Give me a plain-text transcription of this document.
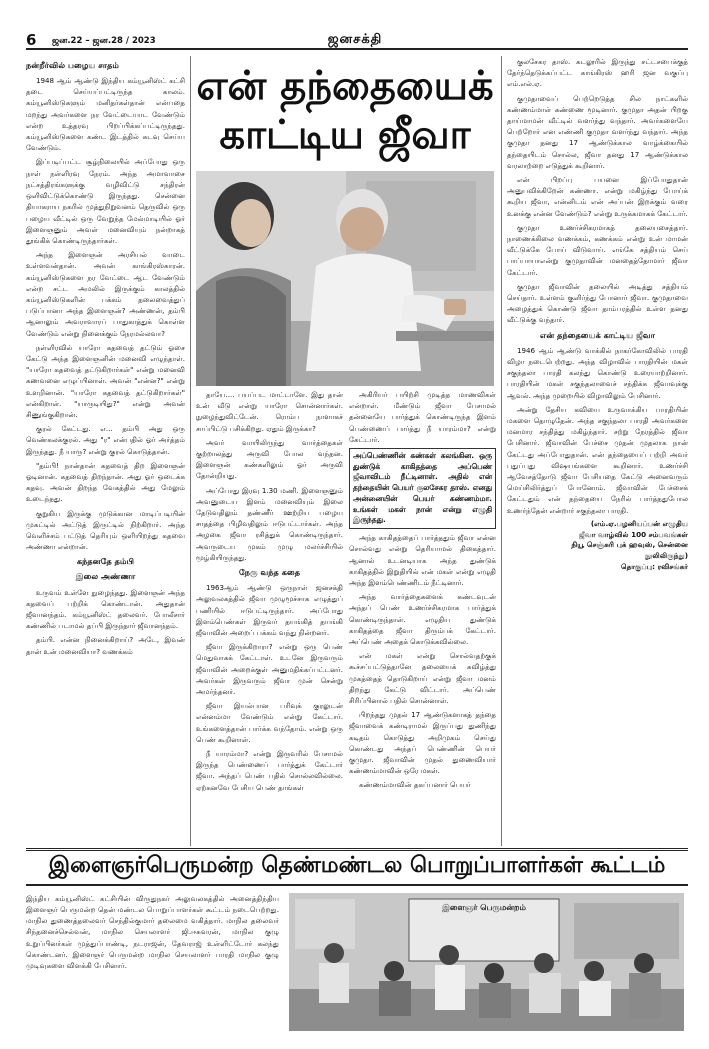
6 ஜன.22 – ஜன.28 / 2023	ஜனசக்தி
என் தந்தையைக்
காட்டிய ஜீவா
நன்றீர்வில் பழைய சாதம்

1948 ஆம் ஆண்டு இந்திய கம்யூனிஸ்ட் கட்சி தடை செய்யப்பட்டிருந்த காலம். கம்யூனிஸ்டுகளும் மனிதர்கள்தான் என்பதை மறந்து அவர்களை நர வேட்டையாட வேண்டும் என்ற உத்தரவு பிறப்பிக்கப்பட்டிருந்தது. கம்யூனிஸ்டுகளை கண்ட இடத்தில் சுடவு செய்ய வேண்டும்.

இப்படிப்பட்ட சூழ்நிலையில் அப்போது ஒரு நாள் நள்ளிரவு நேரம். அந்த அமாவாசை நட்சத்திரங்களுக்கு வழிவிட்டு சந்திரன் ஒளிவிட்டுக்கொண்டு இருந்தது. சென்னை தியாகராய நகரில் முத்துநிறுவனம் தெருவில் ஒரு பழைய வீட்டில் ஒரு வேறுந்த மேல்மாடியில் ஓர் இளைஞனும் அவள் மனைவியும் நன்றாகத் தூங்கிக் கொண்டிருந்தார்கள்.

அந்த இளைஞன் அரசியல் வாடை உள்ளவன்தான். அவன் காங்கிரஸ்காரன். கம்யூனிஸ்டுகளை நர வேட்டை ஆட வேண்டும் என்ற சட்ட அமலில் இருக்கும் காலத்தில் கம்யூனிஸ்டுகளின் பக்கம் தலைவைத்துப் படுப்பானா அந்த இளைஞன்? அண்ணன், தம்பி ஆனாலும் அவராவாரப் பாதுகாத்துக் கொள்ள வேண்டும் என்று நினைக்கும் நேரமல்லவா?

நள்ளிரவில் யாரோ கதவைத் தட்டும் ஓசை கேட்டு அந்த இளைஞனின் மனைவி எழுந்தாள். "யாரோ கதவைத் தட்டுகிறார்கள்" என்று மனைவி கணவனை எழுப்பினாள். அவன் "என்ன?" என்று உளறினான். "யாரோ கதவைத் தட்டுகிறார்கள்" என்கிறாள். "யாருடியிது?" என்று அவன் சிணுங்குகிறான்.

குரல் கேட்டது. எ... தம்பி அது ஒரு வெண்கலக்குரல். அது "ர" என்பதில் ஓர் அர்த்தம் இருந்தது. நீ யாரு? என்று குரல் கொடுத்தான்.

"தம்பி! நான்தான் கதவைத் திற இளைஞன் ஓடினான். கதவைத் திறந்தான். அது ஓர் ஒடைக்க கதவு. அவன் திறந்த வேகத்தில் அது மேலும் உடைந்தது.

குறுகிய இருக்கு முடுக்கான மாடிப்படியின் முகட்டில் அட்டுத் இருட்டில் நிற்கிறார். அந்த வெளிச்சம் பட்டுத் தெரியும் ஒளியிறந்து கதவை அண்ணா என்றான்.

கந்தனதே தம்பி
இலை அண்ணா

உருவம் உள்ளே நுழைந்தது. இளைஞன் அந்த கதவைப் பற்றிக் கொண்டான். அதுதான் ஜீவானந்தம். கம்யூனிஸ்ட் தலைவர். போலீசார் கண்ணில் படாமல் தப்பி இருந்தார் ஜீவானந்தம்.

தம்பி. என்ன நினைக்கிறாய்? அடே, இவன் தான் உன் மனைவியா? வணக்கம்

தாயே.... பயப்பட மாட்டாளே. இது தான் உன் வீடு என்று யாரோ சொன்னார்கள். நுழைந்துவிட்டேன். ரொம்ப நாளாகச் சாப்பிட்டு பசிக்கிறது. ஏதும் இருக்கா?

அவர் வாயிலிருந்து வார்த்தைகள் குற்றாலத்து அருவி போல வந்தன. இளைஞன் கண்களிலும் ஓர் அருவி தோன்றியது.

அப்போது இரவு 1.30 மணி. இளைஞனும் அவனுடைய இளம் மனைவியும் இலை தேடுவதிலும் தண்ணீர் ஊற்றிய பழைய சாதத்தை பிழிவதிலும் ஈடுபட்டார்கள். அந்த அழகை ஜீவா ரசித்துக் கொண்டிருந்தார். அவருடைய முகம் முழு மலர்ச்சியில் மூழ்கியிருந்தது.

நேரு வந்த கதை

1963ஆம் ஆண்டு ஒருநாள் ஜனசக்தி அலுவலகத்தில் ஜீவா முழுமூச்சாக எழுத்துப் பணியில் ஈடுபட்டிருந்தார். அப்போது இளம்பெண்கள் இருவர் தயங்கித் தயங்கி ஜீவாவின் அறைப் பக்கம் வந்து நின்றனர்.

ஜீவா இருக்கிறாரா? என்று ஒரு பெண் மெதுவாகக் கேட்டாள். உடனே இருவரும் ஜீவாவின் அறைக்குள் அனுமதிக்கப்பட்டனர். அவர்கள் இருவரும் ஜீவா முன் சென்று அமர்ந்தனர்.

ஜீவா இயல்பான பரிவுக் குரலுடன் என்னம்மா வேண்டும் என்று கேட்டார். உங்களைத்தான் பார்க்க வந்தோம். என்று ஒரு பெண் கூறினாள்.

நீ யாரம்மா? என்று இருவரில் பேசாமல் இருந்த பெண்ணைப் பார்த்துக் கேட்டார் ஜீவா. அந்தப் பெண் பதில் சொல்லவில்லை. ஏற்கனவே பேசிய பெண் தாங்கள்

அகிரியர் பயிற்சி முடித்த மாணவிகள் என்றாள். மீண்டும் ஜீவா பேசாமல் தன்னையே பார்த்துக் கொண்டிருந்த இளம் பெண்ணைப் பார்த்து நீ யாரம்மா? என்று கேட்டார்.

அப்பெண்ணின் கண்கள் கலங்கின. ஒரு துண்டுக் காகிதத்தை அப்பெண் ஜீவாவிடம் நீட்டினாள். அதில் என் தந்தையின் பெயர் குலசேகர தாஸ். எனது அன்னையின் பெயர் கண்ணம்மா. உங்கள் மகள் நான் என்று எழுதி இருந்தது.

அந்த காகிதத்தைப் பார்த்ததும் ஜீவா என்ன சொல்வது என்று தெரியாமல் திகைத்தார். ஆனால் உடனடியாக அந்த துண்டுக் காகிதத்தில் இறுதியில் என் மகள் என்று எழுதி அந்த இளம்பெண்ணிடம் நீட்டினார்.

அந்த வார்த்தைகளைக் கண்டவுடன் அந்தப் பெண் உணர்ச்சிகரமாக பார்த்துக் கொண்டிருந்தாள். எழுதிய துண்டுக் காகிதத்தை ஜீவா திரும்பக் கேட்டார். அப்பெண் அதைக் கொடுக்கவில்லை.

என் மகள் என்று சொல்வதற்குக் கூச்சப்பட்டுத்தானே தலையைக் கவிழ்த்து முகத்தைத் தொடுகிறாய் என்று ஜீவா மனம் திறந்து கேட்டு விட்டார். அப்பெண் சிரிப்பினால் பதில் சொன்னாள்.

பிறந்தது முதல் 17 ஆண்டுகளாகத் தந்தை ஜீவாவைக் கண்டிராமல் இருப்பது துணிந்து கடிதம் கொடுத்து அறிமுகம் செய்து கொண்டது அந்தப் பெண்ணின் பெயர் குமுதா. ஜீவாவின் முதல் துணைவியார் கண்ணம்மாவின் ஒரே மகள்.

கண்ணம்மாவின் தகப்பனார் பெயர்

குலசேகர தாஸ். கடலூரில் இருந்து சட்டசபைக்குத் தேர்ந்தெடுக்கப்பட்ட காங்கிரஸ் ஹரி ஜன வகுப்பு எம்.எல்.ஏ.

குமுதாவைப் பெற்றெடுத்த சில நாட்களில் கண்ணம்மாள் கண்ணை மூடினார். குமுதா அதன் பிறகு தாய்மாமன் வீட்டில் வளர்ந்து வந்தார். அவர்களையே பெற்றோர் என எண்ணி குமுதா வளர்ந்து வந்தார். அந்த குமுதா தனது 17 ஆண்டுக்கால வாழ்க்கையில் தந்தையிடம் சொல்ல, ஜீவா தனது 17 ஆண்டுக்கால வரலாற்றை எடுத்துக் கூறினார்.

என் பிறப்பு பயனை இப்போதுதான் அனுபவிக்கிறேன் கண்ணா. என்று மகிழ்ந்து போய்க் கூறிய ஜீவா, என்னிடம் என் அப்பன் இறக்கும் வரை உனக்கு என்ன வேண்டும்? என்று உருக்கமாகக் கேட்டார்.

குமுதா உணர்ச்சிகரமாகத் தலையசைத்தார். நாணைக்கிலை வணக்கம், கணக்கம் என்று உன் மாமன் வீட்டுக்கே போய் விடுவாய். எங்கே சத்தியம் செய் பாப்பாயாஎன்று குமுதாவின் மனதைத்தோமார் ஜீவா கேட்டார்.

குமுதா ஜீவாவின் தலையில் அடித்து சத்தியம் செய்தார். உள்ளம் குளிர்ந்து போனார் ஜீவா. குமுதாவை அழைத்துக் கொண்டு ஜீவா தாம்பரத்தில் உள்ள தனது வீட்டுக்கு வந்தார்.

என் தந்தையைக் காட்டிய ஜீவா

1946 ஆம் ஆண்டு வாக்கில் நாகர்கோவிலில் பாரதி விழா நடைபெற்றது. அந்த விழாவில் பாரதியின் மகள் சகுந்தலா பாரதி கலந்து கொண்டு உரையாற்றினார். பாரதியின் மகள் சகுந்தலாவைச் சந்திக்க ஜீவாவுக்கு ஆவல். அந்த முறையில் விழாவிலும் பேசினார்.

அன்று தேசிய கவியை உருவாக்கிய பாரதியின் மகளை தொழுதேன். அந்த சகுந்தலா பாரதி அவர்களை மனமார சந்தித்து மகிழ்ந்தார். சற்று நேரத்தில் ஜீவா பேசினார். ஜீவாவின் பேச்சை முதன் முதலாக நான் கேட்டது அப்போதுதான். என் தந்தையைப் பற்றி அவர் புதுப்புது விஷயங்களை கூறினார். உணர்ச்சி ஆவேசத்தோடு ஜீவா பேசியதை கேட்டு அனைவரும் மெய்சிலிர்த்துப் போனோம். ஜீவாவின் பேச்சைக் கேட்டதும் என் தந்தையை நேரில் பார்த்ததுபோல உணர்ந்தேன் என்றார் சகுந்தலா பாரதி.

(எம்.ஏ.பழனியப்பன் எழுதிய
ஜீவா வாழ்வில் 100 சம்பவங்கள்
நியூ செஞ்சுரி புக் ஹவுஸ், சென்னை
நூலிலிருந்து)
தொகுப்பு: ரவிசங்கர்
இளைஞர்பெருமன்ற தெண்மண்டல பொறுப்பாளர்கள் கூட்டம்
இந்திய கம்யூனிஸ்ட் கட்சியின் விருதுநகர் அலுவலகத்தில் அனைத்திந்திய இளைஞர் பெருமன்ற தென் மண்டல பொறுப்பாளர்கள் கூட்டம் நடைபெற்றது. மாநில துணைத்தலைவர் செந்தில்குமார் தலைமை வகித்தார். மாநில தலைவர் சிந்தனைச்செல்வன், மாநில செயலாளர் ஜி.ஈசுவரன், மாநில குழு உறுப்பினர்கள் முத்துப்பாண்டி, நடராஜன், தேவராஜ் உள்ளிட்டோர் கலந்து கொண்டனர். இளைஞர் பெருமன்ற மாநில செயலாளர் பாரதி மாநில குழு முடிவுகளை விளக்கி பேசினார்.
இளைஞர் பெருமன்றம்
